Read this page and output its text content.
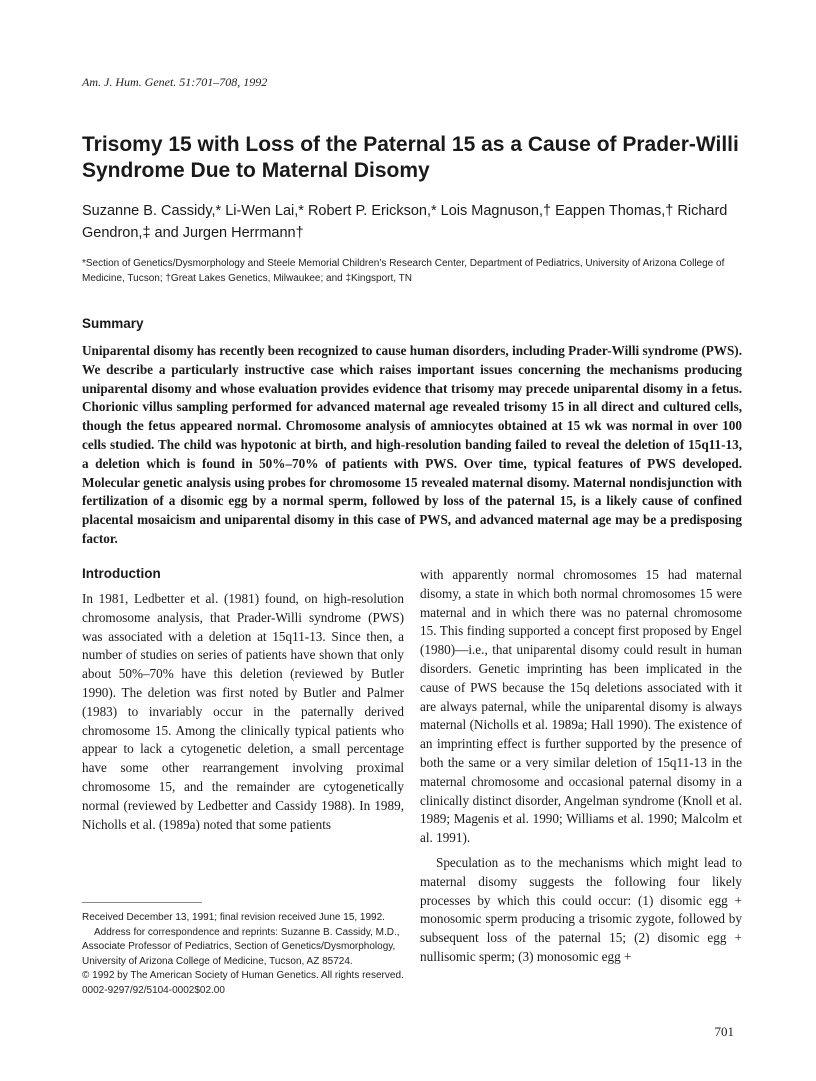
Am. J. Hum. Genet. 51:701–708, 1992
Trisomy 15 with Loss of the Paternal 15 as a Cause of Prader-Willi Syndrome Due to Maternal Disomy
Suzanne B. Cassidy,* Li-Wen Lai,* Robert P. Erickson,* Lois Magnuson,† Eappen Thomas,† Richard Gendron,‡ and Jurgen Herrmann†
*Section of Genetics/Dysmorphology and Steele Memorial Children’s Research Center, Department of Pediatrics, University of Arizona College of Medicine, Tucson; †Great Lakes Genetics, Milwaukee; and ‡Kingsport, TN
Summary

Uniparental disomy has recently been recognized to cause human disorders, including Prader-Willi syndrome (PWS). We describe a particularly instructive case which raises important issues concerning the mechanisms producing uniparental disomy and whose evaluation provides evidence that trisomy may precede uniparental disomy in a fetus. Chorionic villus sampling performed for advanced maternal age revealed trisomy 15 in all direct and cultured cells, though the fetus appeared normal. Chromosome analysis of amniocytes obtained at 15 wk was normal in over 100 cells studied. The child was hypotonic at birth, and high-resolution banding failed to reveal the deletion of 15q11-13, a deletion which is found in 50%–70% of patients with PWS. Over time, typical features of PWS developed. Molecular genetic analysis using probes for chromosome 15 revealed maternal disomy. Maternal nondisjunction with fertilization of a disomic egg by a normal sperm, followed by loss of the paternal 15, is a likely cause of confined placental mosaicism and uniparental disomy in this case of PWS, and advanced maternal age may be a predisposing factor.

Introduction

In 1981, Ledbetter et al. (1981) found, on high-resolution chromosome analysis, that Prader-Willi syndrome (PWS) was associated with a deletion at 15q11-13. Since then, a number of studies on series of patients have shown that only about 50%–70% have this deletion (reviewed by Butler 1990). The deletion was first noted by Butler and Palmer (1983) to invariably occur in the paternally derived chromosome 15. Among the clinically typical patients who appear to lack a cytogenetic deletion, a small percentage have some other rearrangement involving proximal chromosome 15, and the remainder are cytogenetically normal (reviewed by Ledbetter and Cassidy 1988). In 1989, Nicholls et al. (1989a) noted that some patients

with apparently normal chromosomes 15 had maternal disomy, a state in which both normal chromosomes 15 were maternal and in which there was no paternal chromosome 15. This finding supported a concept first proposed by Engel (1980)—i.e., that uniparental disomy could result in human disorders. Genetic imprinting has been implicated in the cause of PWS because the 15q deletions associated with it are always paternal, while the uniparental disomy is always maternal (Nicholls et al. 1989a; Hall 1990). The existence of an imprinting effect is further supported by the presence of both the same or a very similar deletion of 15q11-13 in the maternal chromosome and occasional paternal disomy in a clinically distinct disorder, Angelman syndrome (Knoll et al. 1989; Magenis et al. 1990; Williams et al. 1990; Malcolm et al. 1991).

Speculation as to the mechanisms which might lead to maternal disomy suggests the following four likely processes by which this could occur: (1) disomic egg + monosomic sperm producing a trisomic zygote, followed by subsequent loss of the paternal 15; (2) disomic egg + nullisomic sperm; (3) monosomic egg +

Received December 13, 1991; final revision received June 15, 1992.

Address for correspondence and reprints: Suzanne B. Cassidy, M.D., Associate Professor of Pediatrics, Section of Genetics/Dysmorphology, University of Arizona College of Medicine, Tucson, AZ 85724.

© 1992 by The American Society of Human Genetics. All rights reserved.

0002-9297/92/5104-0002$02.00

701
